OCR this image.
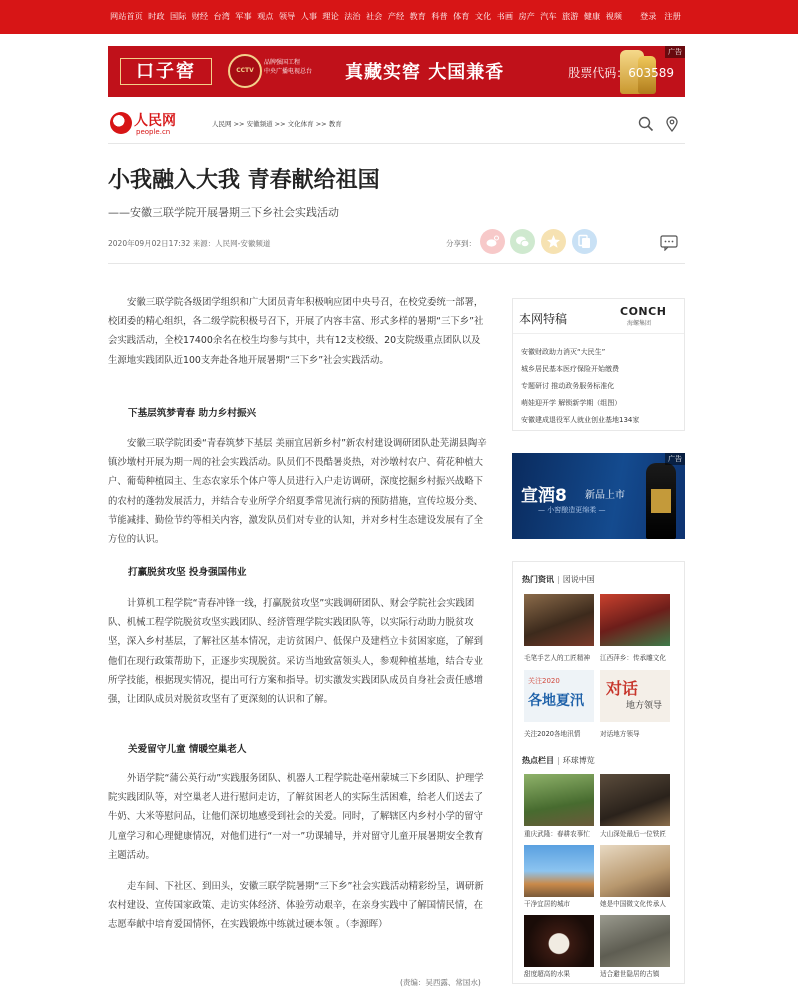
网站首页 时政 国际 财经 台湾 军事 观点 领导 人事 理论 法治 社会 产经 教育 科普 体育 文化 书画 房产 汽车 旅游 健康 视频 登录 注册
口子窖	CCTV
品牌强国工程
中央广播电视总台 真藏实窖 大国兼香	股票代码：603589
广告
人民网
people.cn
人民网 >> 安徽频道 >> 文化体育 >> 教育
小我融入大我 青春献给祖国
——安徽三联学院开展暑期三下乡社会实践活动
2020年09月02日17:32 来源：人民网-安徽频道	分享到：

安徽三联学院各级团学组织和广大团员青年积极响应团中央号召，在校党委统一部署，校团委的精心组织，各二级学院积极号召下，开展了内容丰富、形式多样的暑期“三下乡”社会实践活动，全校17400余名在校生均参与其中，共有12支校级、20支院级重点团队以及生源地实践团队近100支奔赴各地开展暑期“三下乡”社会实践活动。

下基层筑梦青春 助力乡村振兴

安徽三联学院团委“青春筑梦下基层 美丽宜居新乡村”新农村建设调研团队赴芜湖县陶辛镇沙墩村开展为期一周的社会实践活动。队员们不畏酷暑炎热，对沙墩村农户、荷花种植大户、葡萄种植园主、生态农家乐个体户等人员进行入户走访调研，深度挖掘乡村振兴战略下的农村的蓬勃发展活力，并结合专业所学介绍夏季常见流行病的预防措施，宣传垃圾分类、节能减排、勤俭节约等相关内容，激发队员们对专业的认知，并对乡村生态建设发展有了全方位的认识。

打赢脱贫攻坚 投身强国伟业

计算机工程学院“青春冲锋一线，打赢脱贫攻坚”实践调研团队、财会学院社会实践团队、机械工程学院脱贫攻坚实践团队、经济管理学院实践团队等，以实际行动助力脱贫攻坚，深入乡村基层，了解社区基本情况，走访贫困户、低保户及建档立卡贫困家庭，了解到他们在现行政策帮助下，正逐步实现脱贫。采访当地致富领头人，参观种植基地，结合专业所学技能，根据现实情况，提出可行方案和指导。切实激发实践团队成员自身社会责任感增强，让团队成员对脱贫攻坚有了更深刻的认识和了解。

关爱留守儿童 情暖空巢老人

外语学院“蒲公英行动”实践服务团队、机器人工程学院赴亳州蒙城三下乡团队、护理学院实践团队等，对空巢老人进行慰问走访，了解贫困老人的实际生活困难，给老人们送去了牛奶、大米等慰问品，让他们深切地感受到社会的关爱。同时，了解辖区内乡村小学的留守儿童学习和心理健康情况，对他们进行“一对一”功课辅导，并对留守儿童开展暑期安全教育主题活动。

走车间、下社区、到田头，安徽三联学院暑期“三下乡”社会实践活动精彩纷呈，调研新农村建设、宣传国家政策、走访实体经济、体验劳动艰辛，在亲身实践中了解国情民情，在志愿奉献中培育爱国情怀，在实践锻炼中练就过硬本领 。（李源晖）

(责编：吴西露、常国水)
本网特稿
CONCH
海螺集团
安徽财政助力消灭“大民生”
城乡居民基本医疗保险开始缴费
专题研讨 推动政务服务标准化
萌娃迎开学 解锁新学期（组图）
安徽建成退役军人就业创业基地134家
宣酒8 新品上市
— 小窖酿造更绵柔 —
广告
热门资讯 | 図说中国
毛笔手艺人的工匠精神	江西萍乡：传承雕文化
关注2020
各地夏汛
关注2020各地汛情
对话
地方领导
对话地方领导
热点栏目 | 环球博览
重庆武隆：春耕农事忙	大山深处最后一位铁匠
干净宜居的城市	她是中国微文化传承人
甜度超高的水果	适合避世隐居的古镇
